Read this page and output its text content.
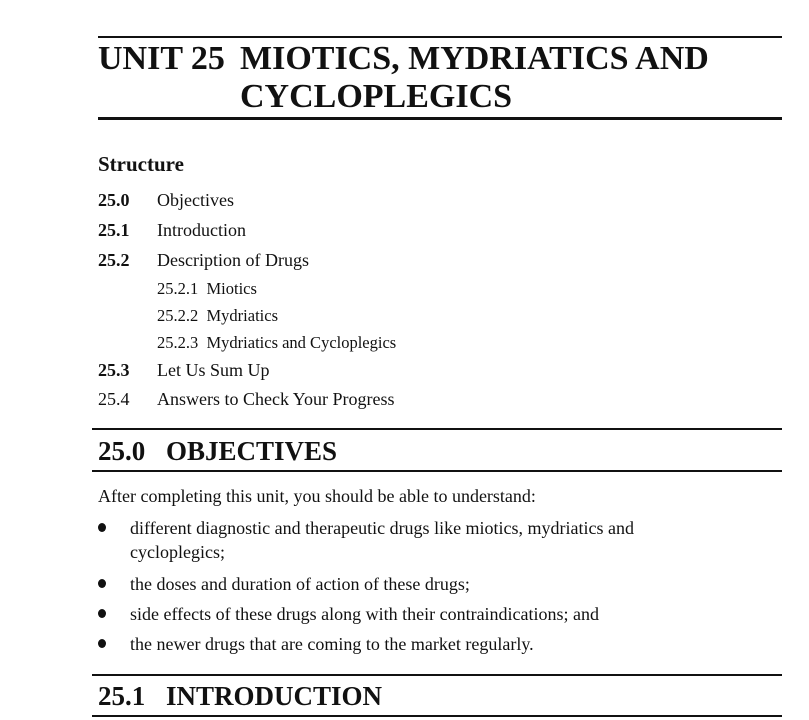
UNIT 25 MIOTICS, MYDRIATICS AND
CYCLOPLEGICS
Structure
25.0 Objectives
25.1 Introduction
25.2 Description of Drugs
25.2.1 Miotics
25.2.2 Mydriatics
25.2.3 Mydriatics and Cycloplegics
25.3 Let Us Sum Up
25.4 Answers to Check Your Progress
25.0 OBJECTIVES
After completing this unit, you should be able to understand:
different diagnostic and therapeutic drugs like miotics, mydriatics and
cycloplegics;
the doses and duration of action of these drugs;
side effects of these drugs along with their contraindications; and
the newer drugs that are coming to the market regularly.
25.1 INTRODUCTION
